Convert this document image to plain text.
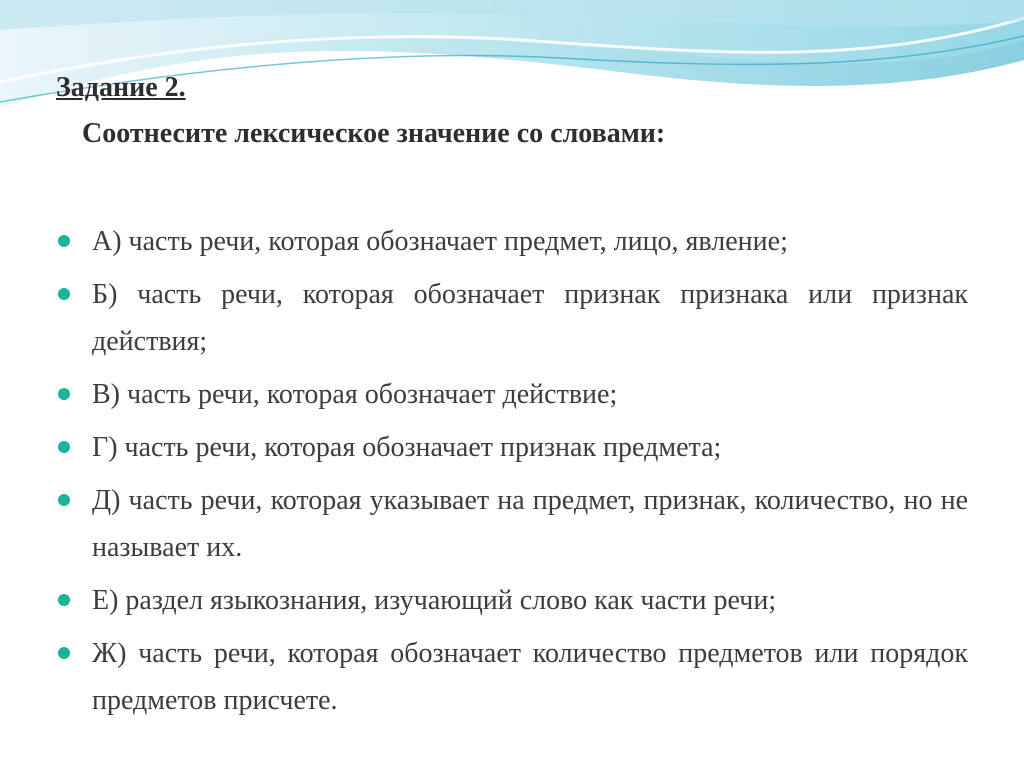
Задание 2.

Соотнесите лексическое значение со словами:

А) часть речи, которая обозначает предмет, лицо, явление;
Б) часть речи, которая обозначает признак признака или признак действия;
В) часть речи, которая обозначает действие;
Г) часть речи, которая обозначает признак предмета;
Д) часть речи, которая указывает на предмет, признак, количество, но не называет их.
Е) раздел языкознания, изучающий слово как части речи;
Ж) часть речи, которая обозначает количество предметов или порядок предметов присчете.
